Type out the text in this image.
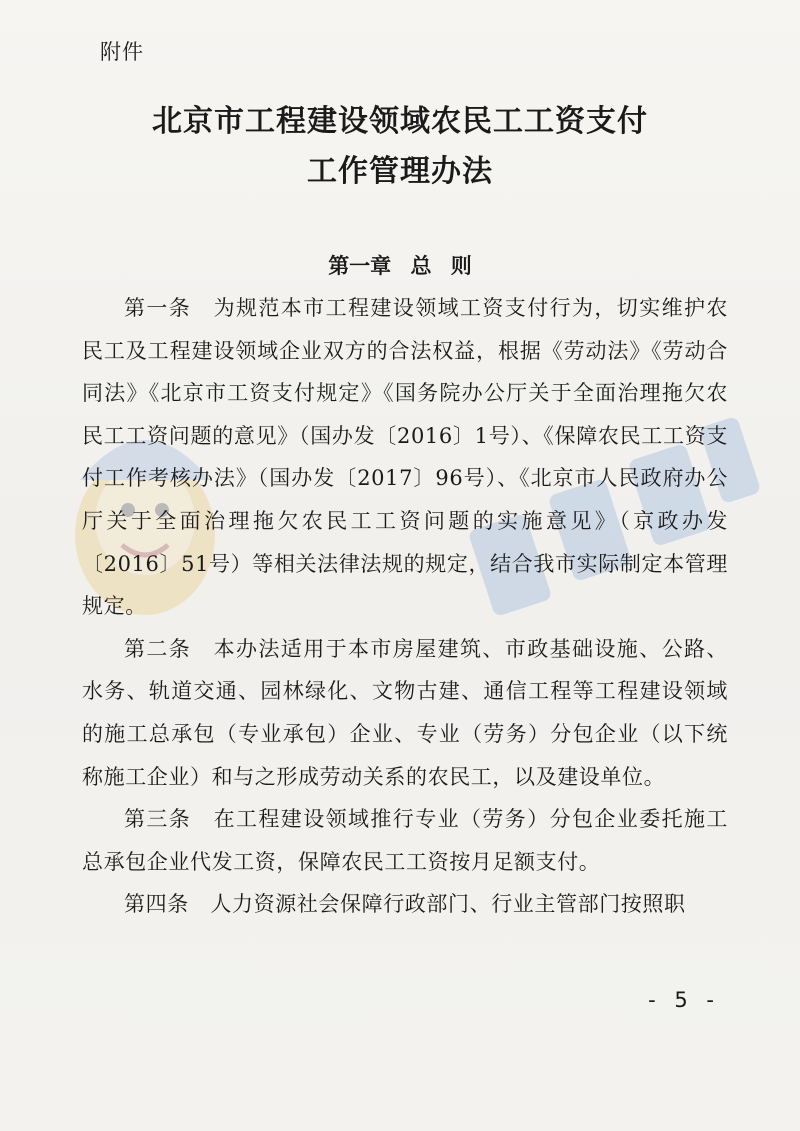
附件
北京市工程建设领域农民工工资支付
工作管理办法
第一章 总 则

第一条　为规范本市工程建设领域工资支付行为，切实维护农民工及工程建设领域企业双方的合法权益，根据《劳动法》《劳动合同法》《北京市工资支付规定》《国务院办公厅关于全面治理拖欠农民工工资问题的意见》（国办发〔2016〕1号）、《保障农民工工资支付工作考核办法》（国办发〔2017〕96号）、《北京市人民政府办公厅关于全面治理拖欠农民工工资问题的实施意见》（京政办发〔2016〕51号）等相关法律法规的规定，结合我市实际制定本管理规定。

第二条　本办法适用于本市房屋建筑、市政基础设施、公路、水务、轨道交通、园林绿化、文物古建、通信工程等工程建设领域的施工总承包（专业承包）企业、专业（劳务）分包企业（以下统称施工企业）和与之形成劳动关系的农民工，以及建设单位。

第三条　在工程建设领域推行专业（劳务）分包企业委托施工总承包企业代发工资，保障农民工工资按月足额支付。

第四条　人力资源社会保障行政部门、行业主管部门按照职

- 5 -
